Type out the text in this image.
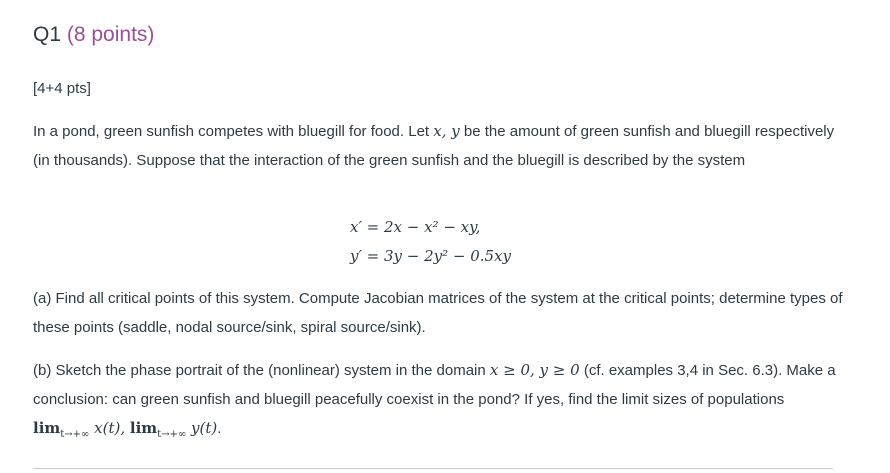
Q1 (8 points)
[4+4 pts]
In a pond, green sunfish competes with bluegill for food. Let x, y be the amount of green sunfish and bluegill respectively (in thousands). Suppose that the interaction of the green sunfish and the bluegill is described by the system
x′ = 2x − x² − xy,
y′ = 3y − 2y² − 0.5xy
(a) Find all critical points of this system. Compute Jacobian matrices of the system at the critical points; determine types of these points (saddle, nodal source/sink, spiral source/sink).
(b) Sketch the phase portrait of the (nonlinear) system in the domain x ≥ 0, y ≥ 0 (cf. examples 3,4 in Sec. 6.3). Make a conclusion: can green sunfish and bluegill peacefully coexist in the pond? If yes, find the limit sizes of populations $\lim_{t\to+\infty} x(t)$, $\lim_{t\to+\infty} y(t)$.
